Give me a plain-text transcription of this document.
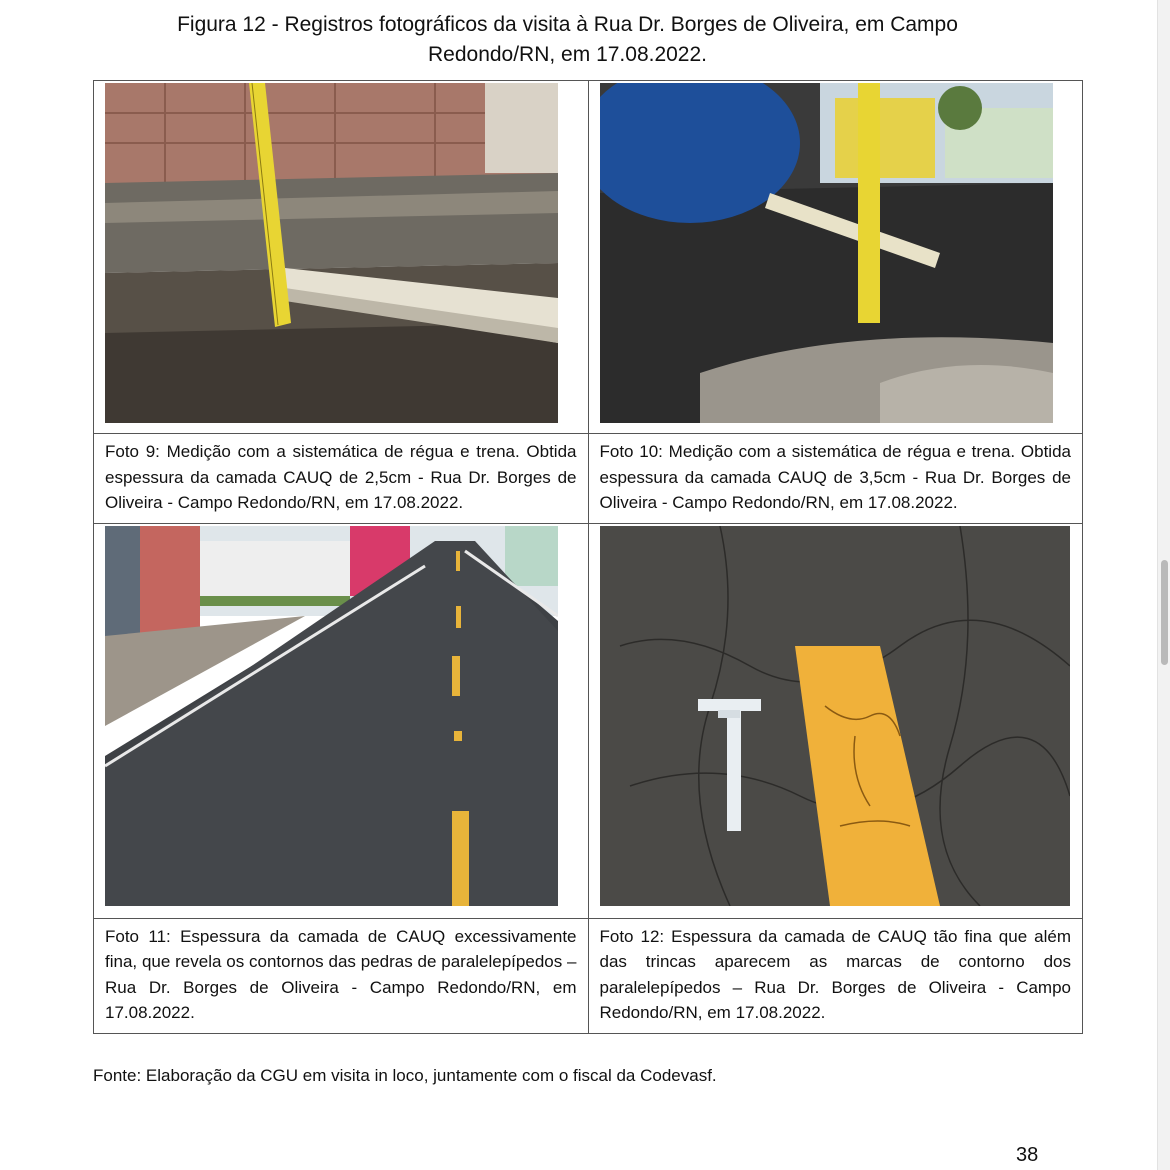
Figura 12 - Registros fotográficos da visita à Rua Dr. Borges de Oliveira, em Campo
Redondo/RN, em 17.08.2022.

Foto 9: Medição com a sistemática de régua e trena. Obtida espessura da camada CAUQ de 2,5cm - Rua Dr. Borges de Oliveira - Campo Redondo/RN, em 17.08.2022.	Foto 10: Medição com a sistemática de régua e trena. Obtida espessura da camada CAUQ de 3,5cm - Rua Dr. Borges de Oliveira - Campo Redondo/RN, em 17.08.2022.

Foto 11: Espessura da camada de CAUQ excessivamente fina, que revela os contornos das pedras de paralelepípedos – Rua Dr. Borges de Oliveira - Campo Redondo/RN, em 17.08.2022.	Foto 12: Espessura da camada de CAUQ tão fina que além das trincas aparecem as marcas de contorno dos paralelepípedos – Rua Dr. Borges de Oliveira - Campo Redondo/RN, em 17.08.2022.
Fonte: Elaboração da CGU em visita in loco, juntamente com o fiscal da Codevasf.
38
